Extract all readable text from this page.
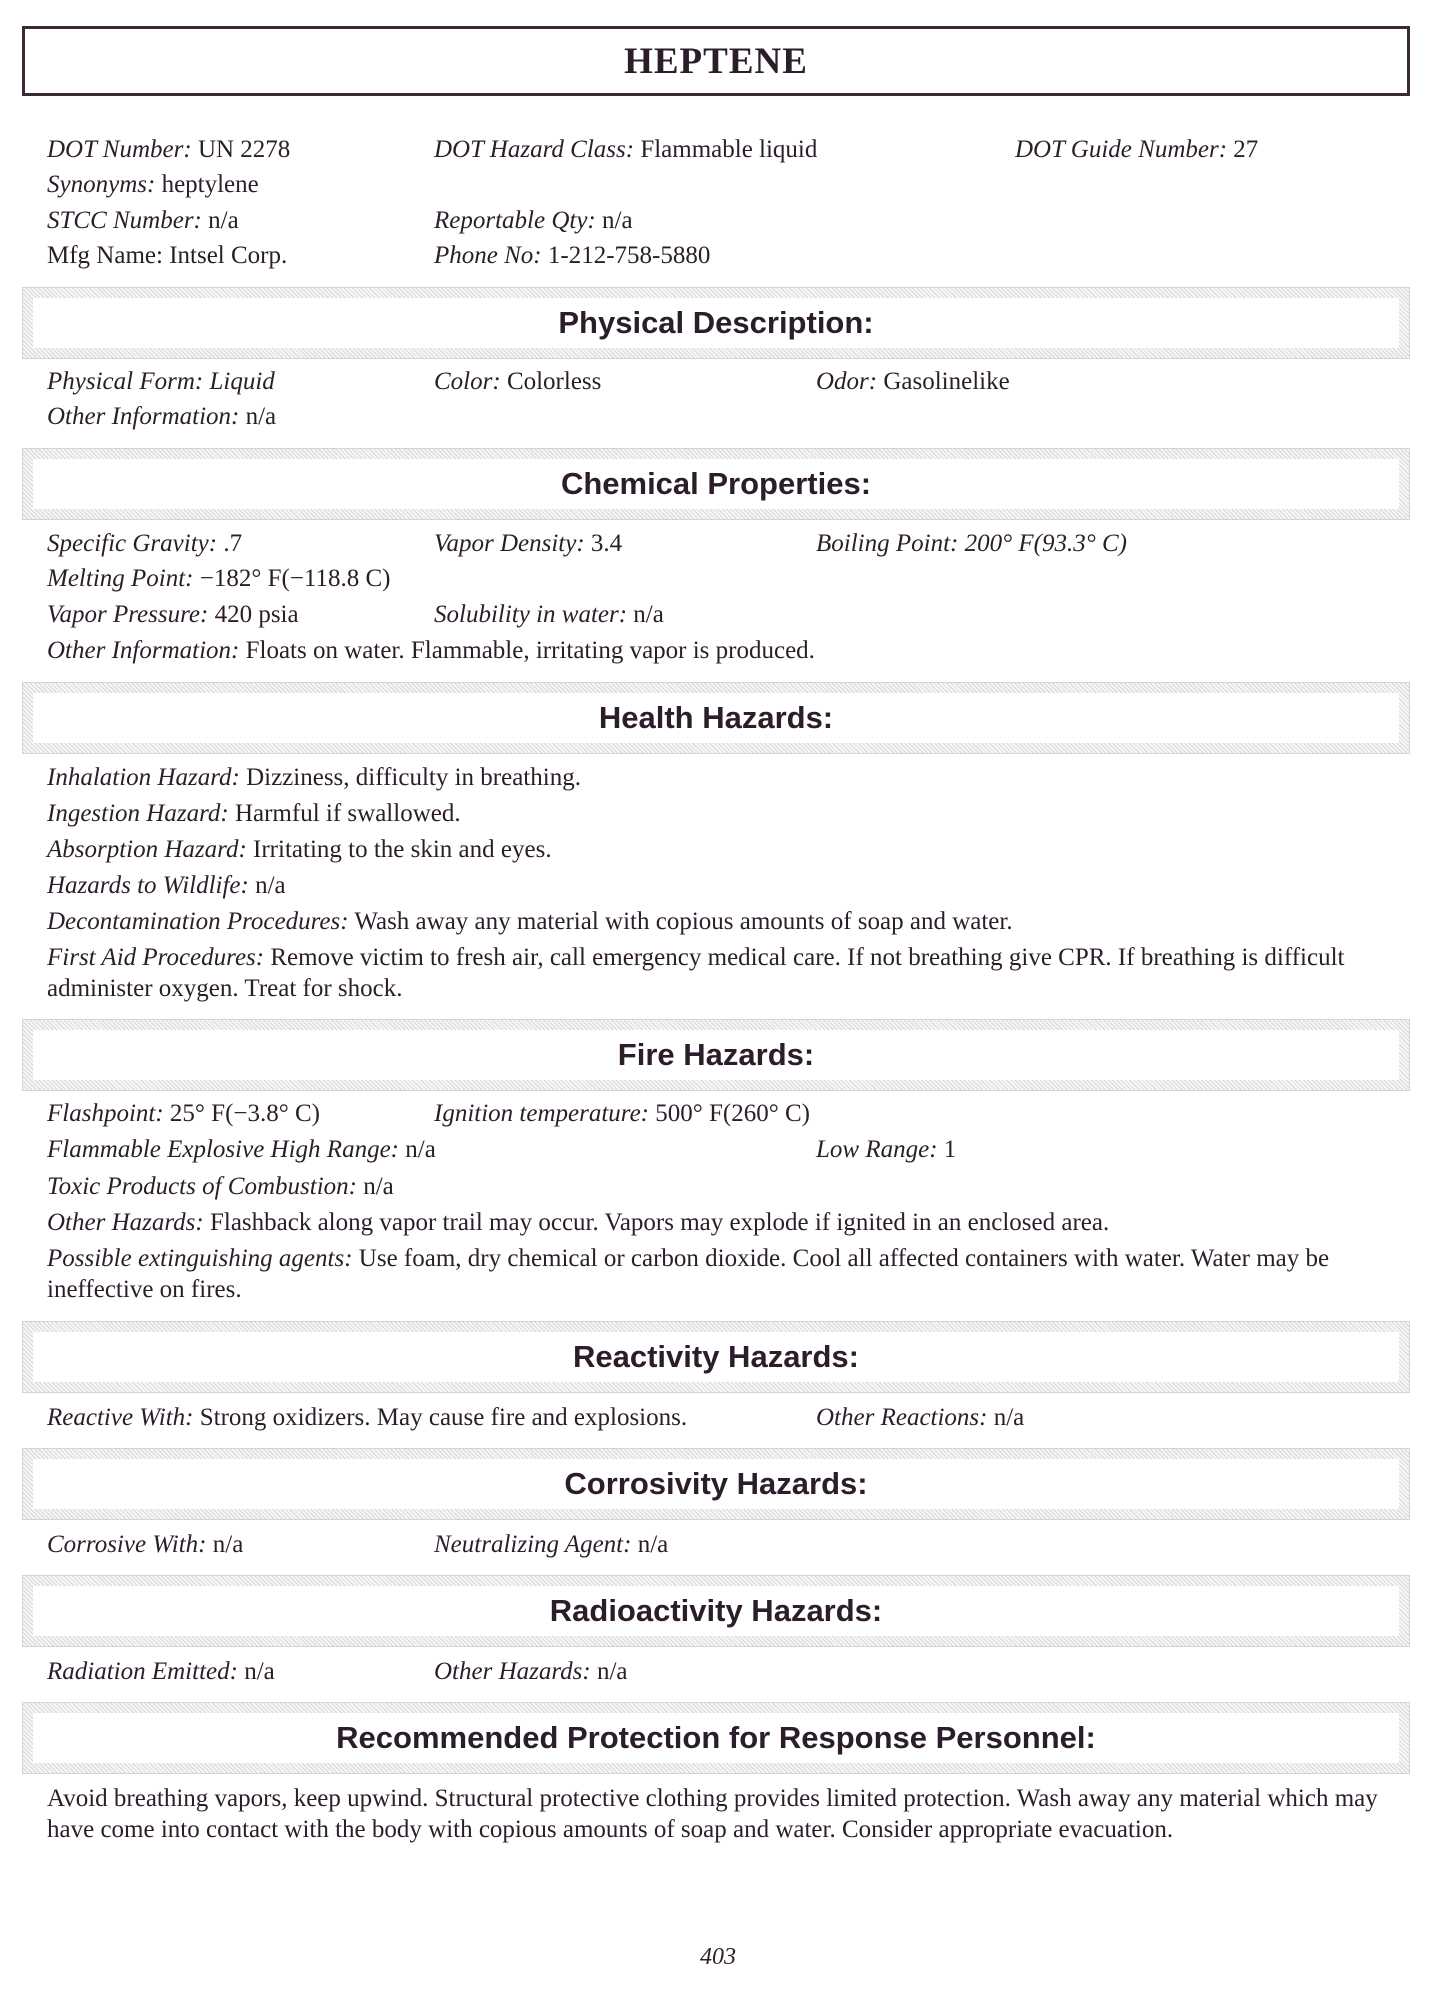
HEPTENE
DOT Number: UN 2278	DOT Hazard Class: Flammable liquid	DOT Guide Number: 27
Synonyms: heptylene
STCC Number: n/a	Reportable Qty: n/a
Mfg Name: Intsel Corp.	Phone No: 1-212-758-5880
Physical Description:
Physical Form: Liquid	Color: Colorless	Odor: Gasolinelike
Other Information: n/a
Chemical Properties:
Specific Gravity: .7	Vapor Density: 3.4	Boiling Point: 200° F(93.3° C)
Melting Point: −182° F(−118.8 C)
Vapor Pressure: 420 psia	Solubility in water: n/a
Other Information: Floats on water. Flammable, irritating vapor is produced.
Health Hazards:
Inhalation Hazard: Dizziness, difficulty in breathing.
Ingestion Hazard: Harmful if swallowed.
Absorption Hazard: Irritating to the skin and eyes.
Hazards to Wildlife: n/a
Decontamination Procedures: Wash away any material with copious amounts of soap and water.
First Aid Procedures: Remove victim to fresh air, call emergency medical care. If not breathing give CPR. If breathing is difficult administer oxygen. Treat for shock.
Fire Hazards:
Flashpoint: 25° F(−3.8° C)	Ignition temperature: 500° F(260° C)
Flammable Explosive High Range: n/a	Low Range: 1
Toxic Products of Combustion: n/a
Other Hazards: Flashback along vapor trail may occur. Vapors may explode if ignited in an enclosed area.
Possible extinguishing agents: Use foam, dry chemical or carbon dioxide. Cool all affected containers with water. Water may be ineffective on fires.
Reactivity Hazards:
Reactive With: Strong oxidizers. May cause fire and explosions.	Other Reactions: n/a
Corrosivity Hazards:
Corrosive With: n/a	Neutralizing Agent: n/a
Radioactivity Hazards:
Radiation Emitted: n/a	Other Hazards: n/a
Recommended Protection for Response Personnel:
Avoid breathing vapors, keep upwind. Structural protective clothing provides limited protection. Wash away any material which may have come into contact with the body with copious amounts of soap and water. Consider appropriate evacuation.
403
